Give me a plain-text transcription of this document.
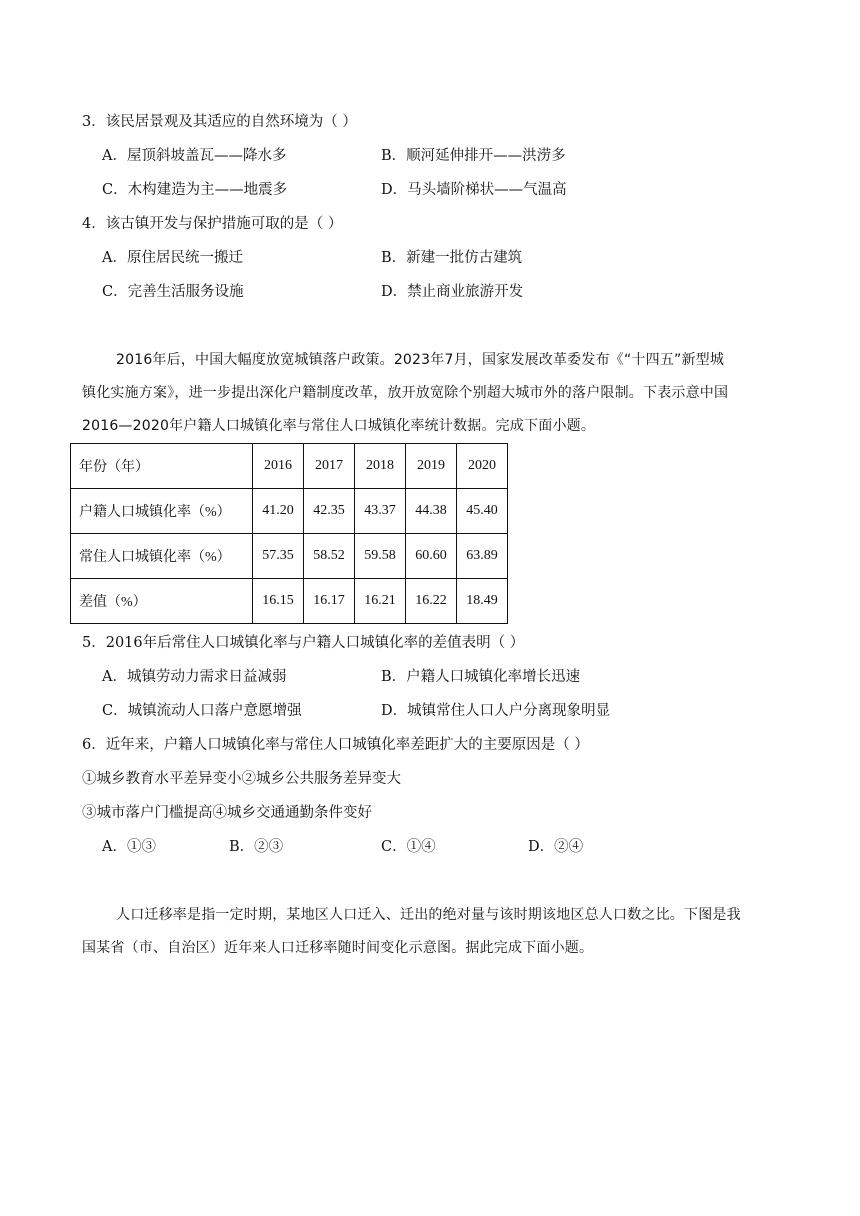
3．该民居景观及其适应的自然环境为（ ）
A．屋顶斜坡盖瓦——降水多	B．顺河延伸排开——洪涝多
C．木构建造为主——地震多	D．马头墙阶梯状——气温高
4．该古镇开发与保护措施可取的是（ ）
A．原住居民统一搬迁	B．新建一批仿古建筑
C．完善生活服务设施	D．禁止商业旅游开发
2016年后，中国大幅度放宽城镇落户政策。2023年7月，国家发展改革委发布《“十四五”新型城
镇化实施方案》，进一步提出深化户籍制度改革，放开放宽除个别超大城市外的落户限制。下表示意中国
2016—2020年户籍人口城镇化率与常住人口城镇化率统计数据。完成下面小题。
年份（年）	2016	2017	2018	2019	2020
户籍人口城镇化率（%）	41.20	42.35	43.37	44.38	45.40
常住人口城镇化率（%）	57.35	58.52	59.58	60.60	63.89
差值（%）	16.15	16.17	16.21	16.22	18.49
5．2016年后常住人口城镇化率与户籍人口城镇化率的差值表明（ ）
A．城镇劳动力需求日益减弱	B．户籍人口城镇化率增长迅速
C．城镇流动人口落户意愿增强	D．城镇常住人口人户分离现象明显
6．近年来，户籍人口城镇化率与常住人口城镇化率差距扩大的主要原因是（ ）
①城乡教育水平差异变小②城乡公共服务差异变大
③城市落户门槛提高④城乡交通通勤条件变好
A．①③	B．②③	C．①④	D．②④
人口迁移率是指一定时期，某地区人口迁入、迁出的绝对量与该时期该地区总人口数之比。下图是我
国某省（市、自治区）近年来人口迁移率随时间变化示意图。据此完成下面小题。
